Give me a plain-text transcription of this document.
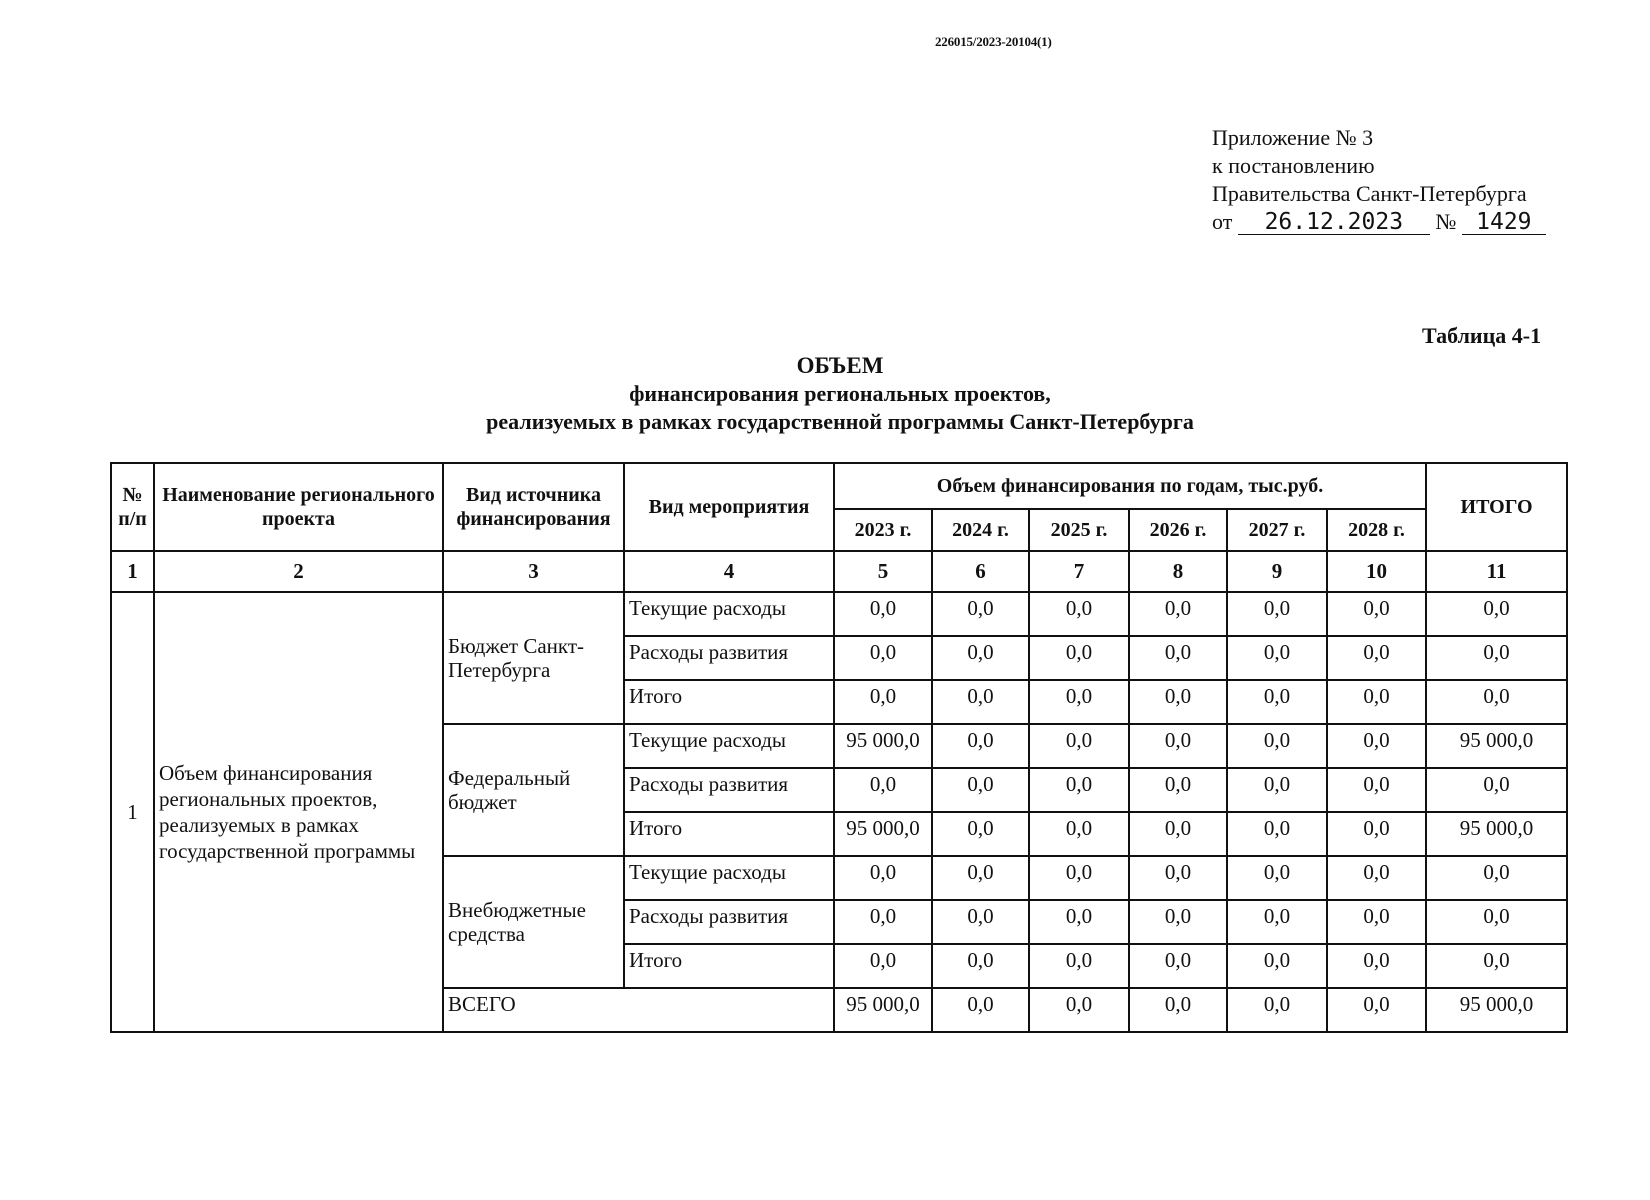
226015/2023-20104(1)
Приложение № 3
к постановлению
Правительства Санкт-Петербурга
от 26.12.2023 № 1429
Таблица 4-1
ОБЪЕМ
финансирования региональных проектов,
реализуемых в рамках государственной программы Санкт-Петербурга
№ п/п	Наименование регионального проекта	Вид источника финансирования	Вид мероприятия	Объем финансирования по годам, тыс.руб.						ИТОГО
				2023 г.	2024 г.	2025 г.	2026 г.	2027 г.	2028 г.	
1	2	3	4	5	6	7	8	9	10	11
1	Объем финансирования региональных проектов, реализуемых в рамках государственной программы	Бюджет Санкт-Петербурга	Текущие расходы	0,0	0,0	0,0	0,0	0,0	0,0	0,0
			Расходы развития	0,0	0,0	0,0	0,0	0,0	0,0	0,0
			Итого	0,0	0,0	0,0	0,0	0,0	0,0	0,0
		Федеральный бюджет	Текущие расходы	95 000,0	0,0	0,0	0,0	0,0	0,0	95 000,0
			Расходы развития	0,0	0,0	0,0	0,0	0,0	0,0	0,0
			Итого	95 000,0	0,0	0,0	0,0	0,0	0,0	95 000,0
		Внебюджетные средства	Текущие расходы	0,0	0,0	0,0	0,0	0,0	0,0	0,0
			Расходы развития	0,0	0,0	0,0	0,0	0,0	0,0	0,0
			Итого	0,0	0,0	0,0	0,0	0,0	0,0	0,0
		ВСЕГО		95 000,0	0,0	0,0	0,0	0,0	0,0	95 000,0
